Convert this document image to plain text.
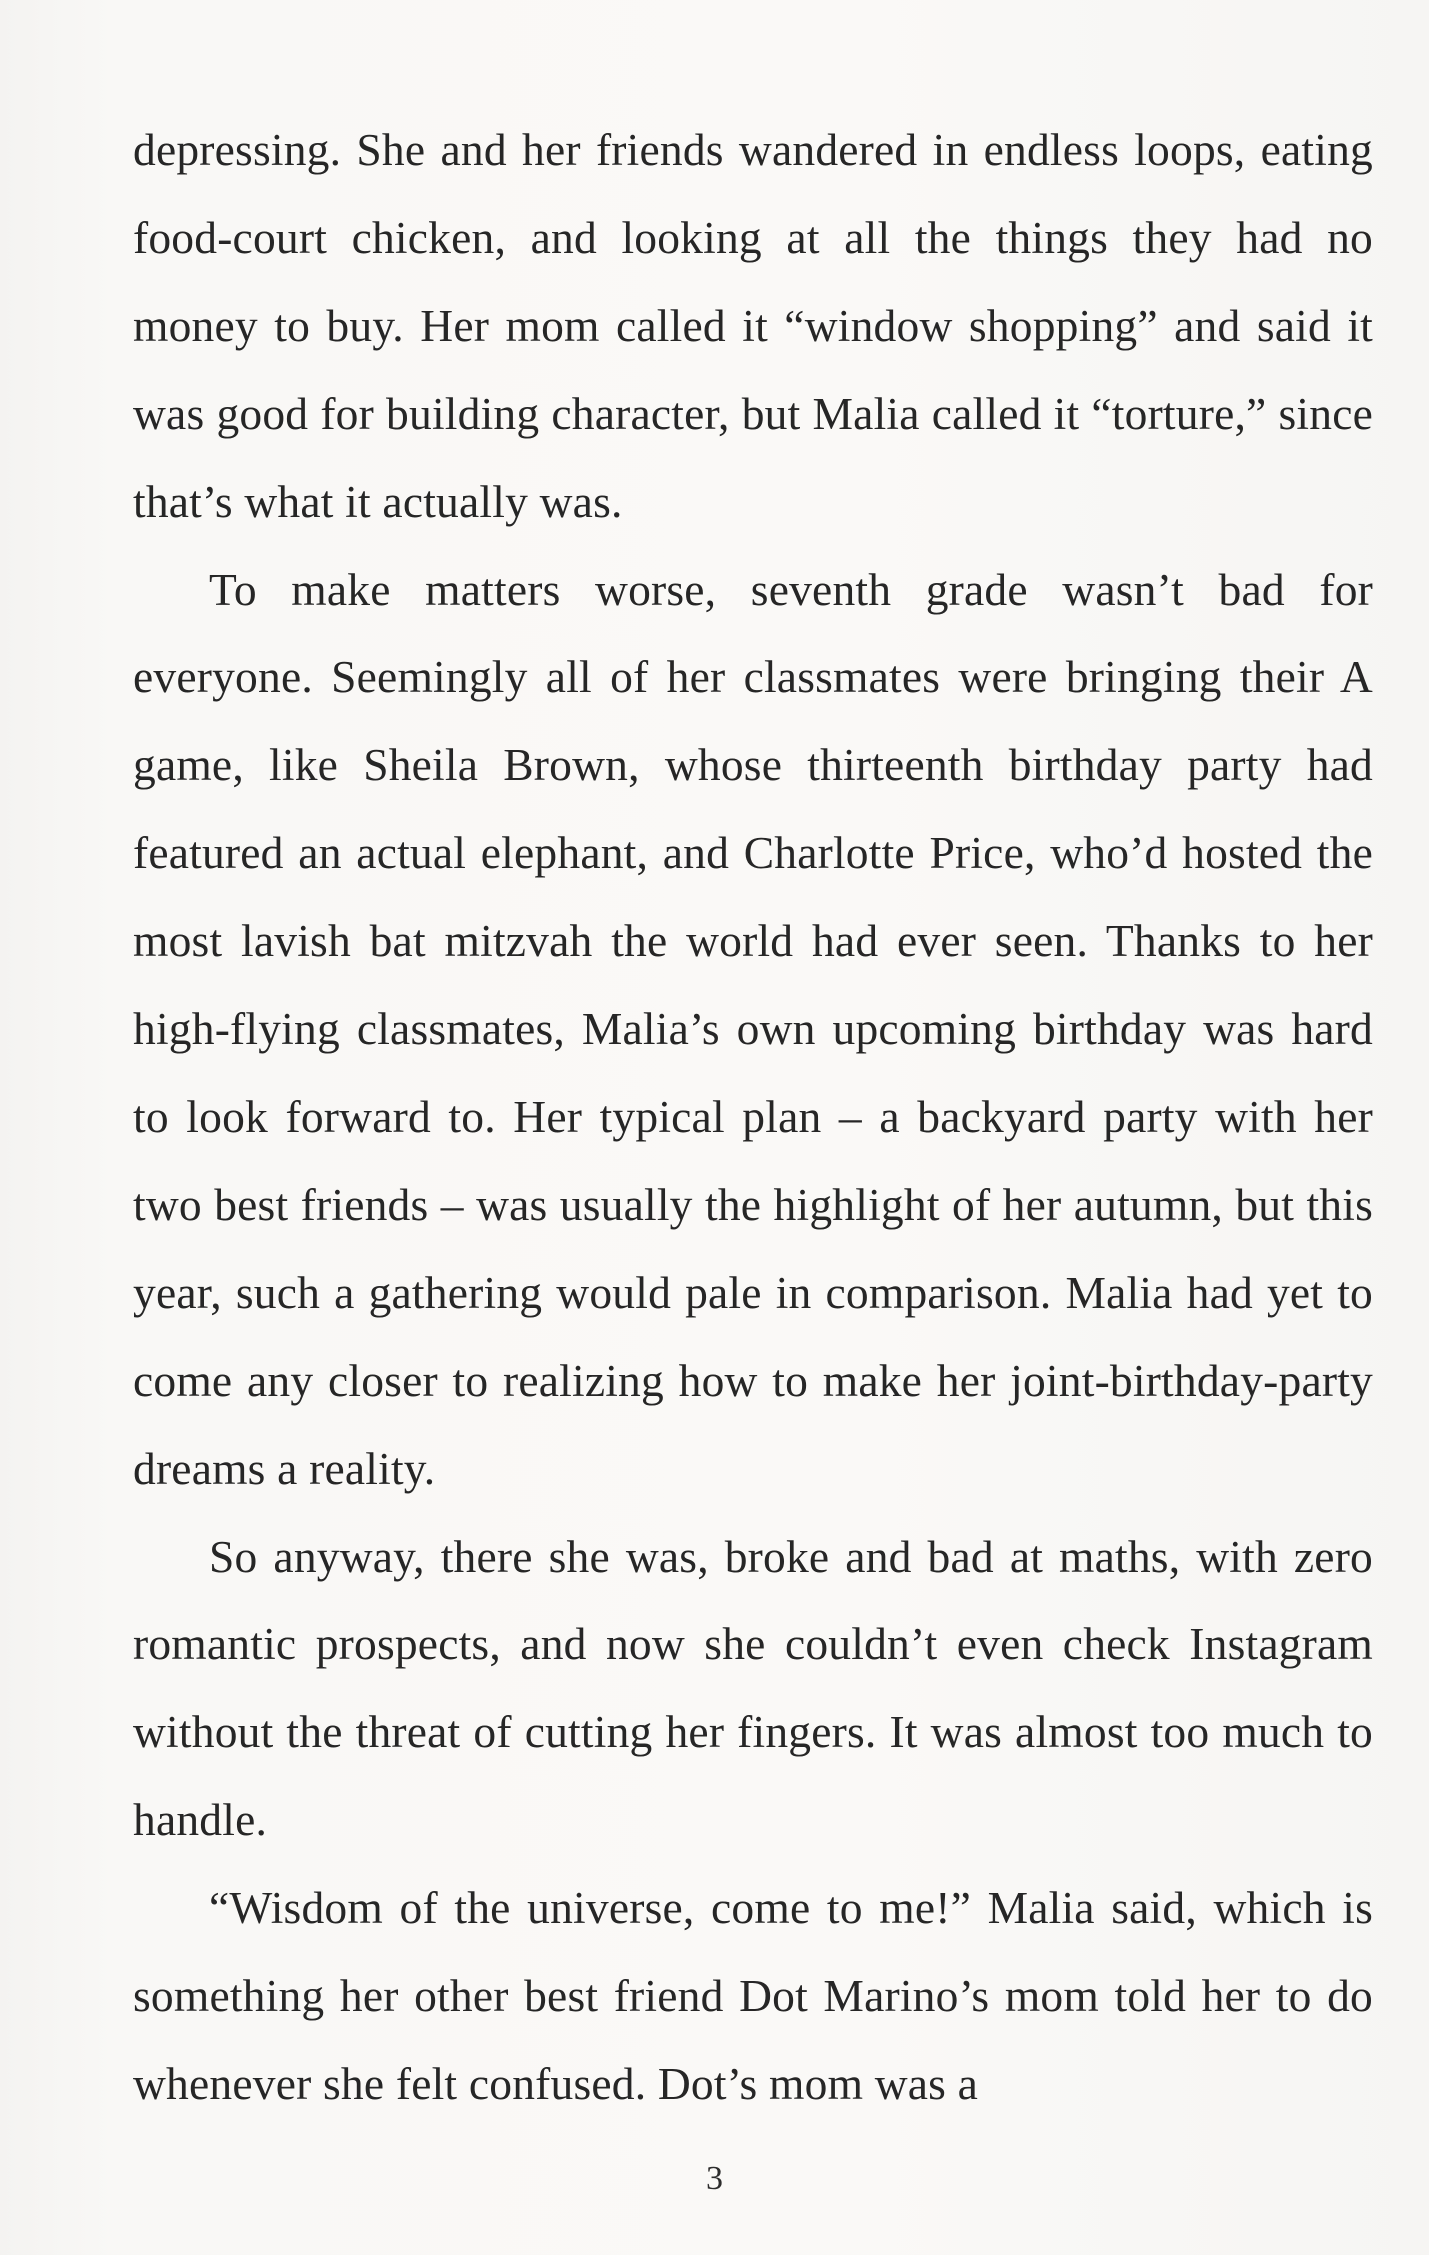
depressing. She and her friends wandered in endless loops, eating food-court chicken, and looking at all the things they had no money to buy. Her mom called it “window shopping” and said it was good for building character, but Malia called it “torture,” since that’s what it actually was.

To make matters worse, seventh grade wasn’t bad for everyone. Seemingly all of her classmates were bringing their A game, like Sheila Brown, whose thirteenth birthday party had featured an actual elephant, and Charlotte Price, who’d hosted the most lavish bat mitzvah the world had ever seen. Thanks to her high-flying classmates, Malia’s own upcoming birthday was hard to look forward to. Her typical plan – a backyard party with her two best friends – was usually the highlight of her autumn, but this year, such a gathering would pale in comparison. Malia had yet to come any closer to realizing how to make her joint-birthday-party dreams a reality.

So anyway, there she was, broke and bad at maths, with zero romantic prospects, and now she couldn’t even check Instagram without the threat of cutting her fingers. It was almost too much to handle.

“Wisdom of the universe, come to me!” Malia said, which is something her other best friend Dot Marino’s mom told her to do whenever she felt confused. Dot’s mom was a

3
